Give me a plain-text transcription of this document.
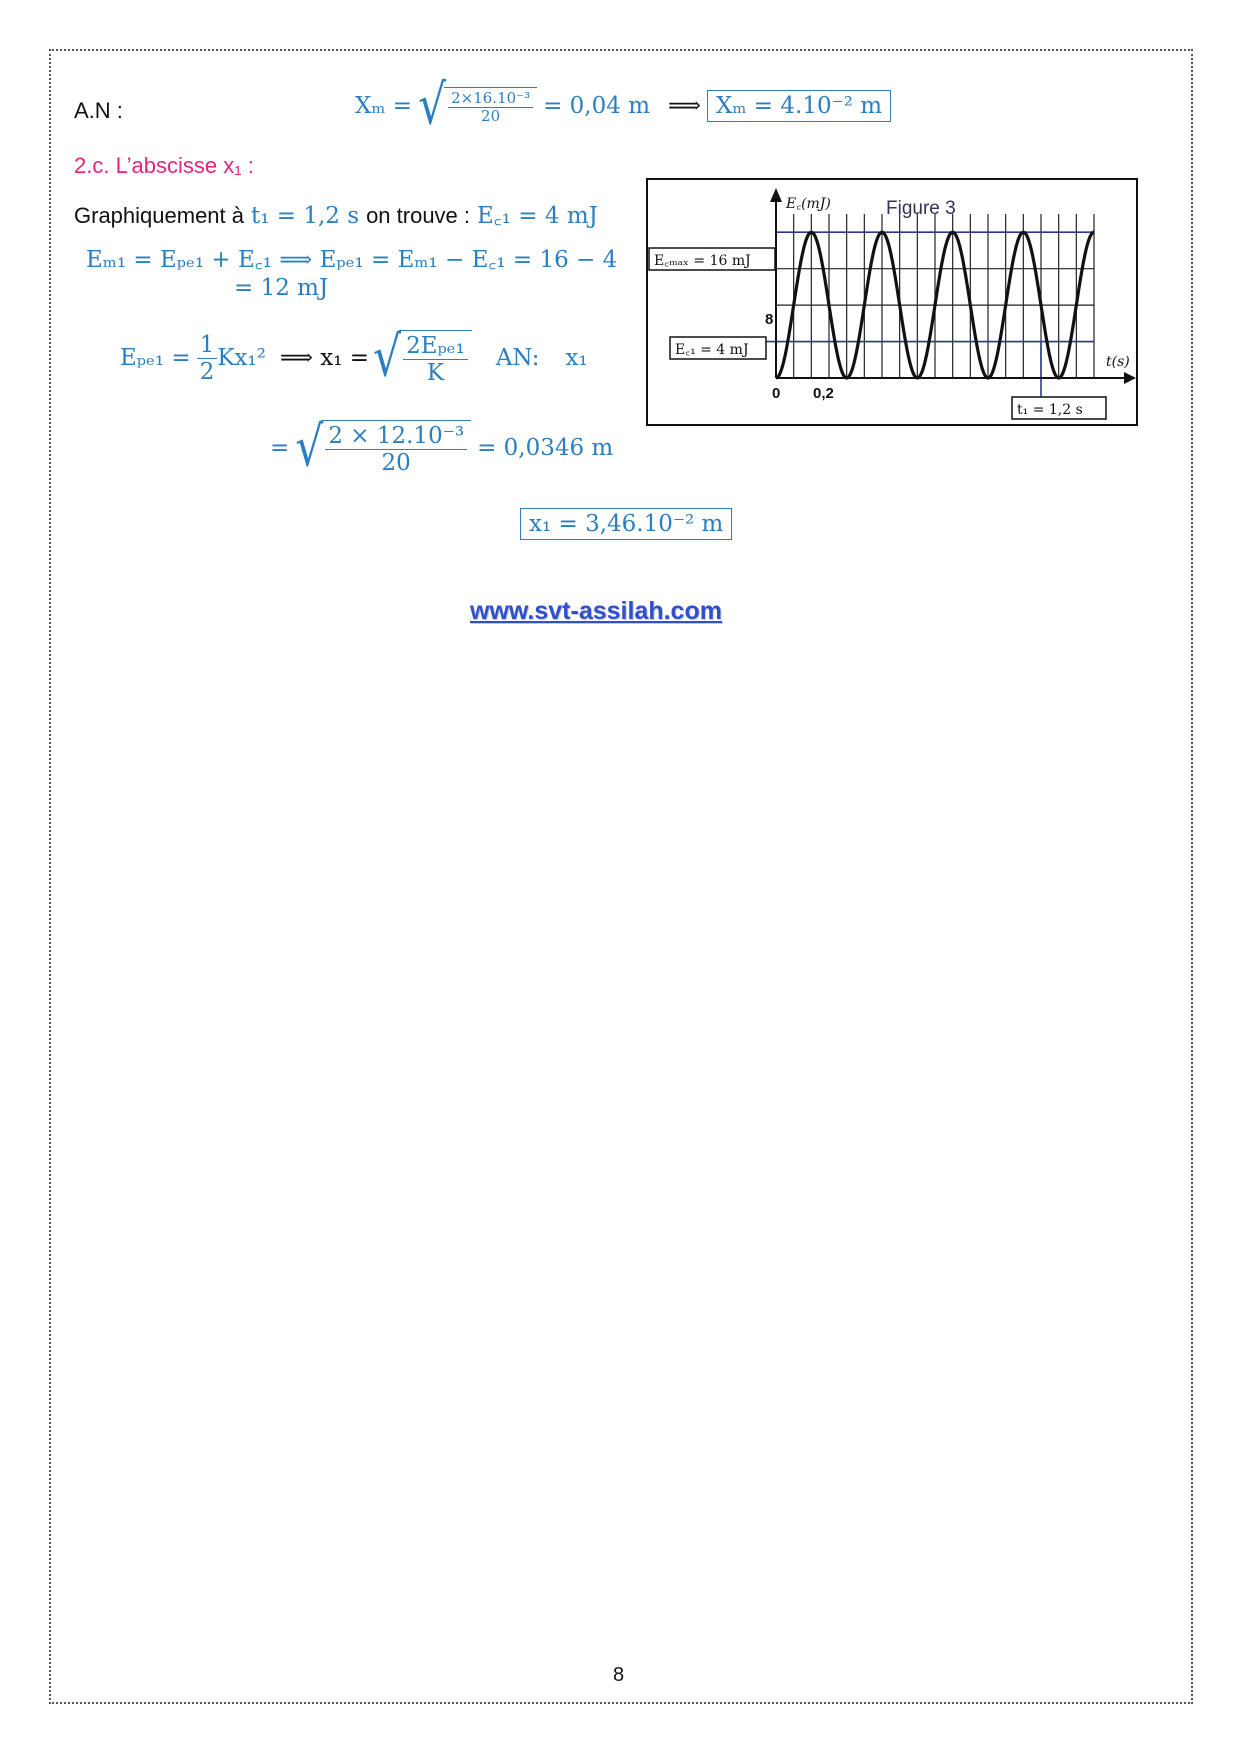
A.N :	Xₘ = √ $\frac{\text{2×16.10⁻³}}{20} = 0,04$ m ⟹ Xₘ = 4.10⁻² m
2.c. L’abscisse x₁ :
Graphiquement à t₁ = 1,2 s on trouve : E꜀₁ = 4 mJ
Eₘ₁ = Eₚₑ₁ + E꜀₁ ⟹ Eₚₑ₁ = Eₘ₁ − E꜀₁ = 16 − 4
= 12 mJ
$E_{pe1} = \frac{1}{2} Kx_1^2$ ⟹ x₁ = √ $\frac{\text{2Eₚₑ₁}}{K}$ AN: x₁
= √ $\frac{\text{2 × 12.10⁻³}}{20} = 0,0346$ m
x₁ = 3,46.10⁻² m
www.svt-assilah.com
8
E꜀(mJ)	Figure 3
t(s)
8
0 0,2
E꜀ₘₐₓ = 16 mJ
E꜀₁ = 4 mJ
t₁ = 1,2 s
